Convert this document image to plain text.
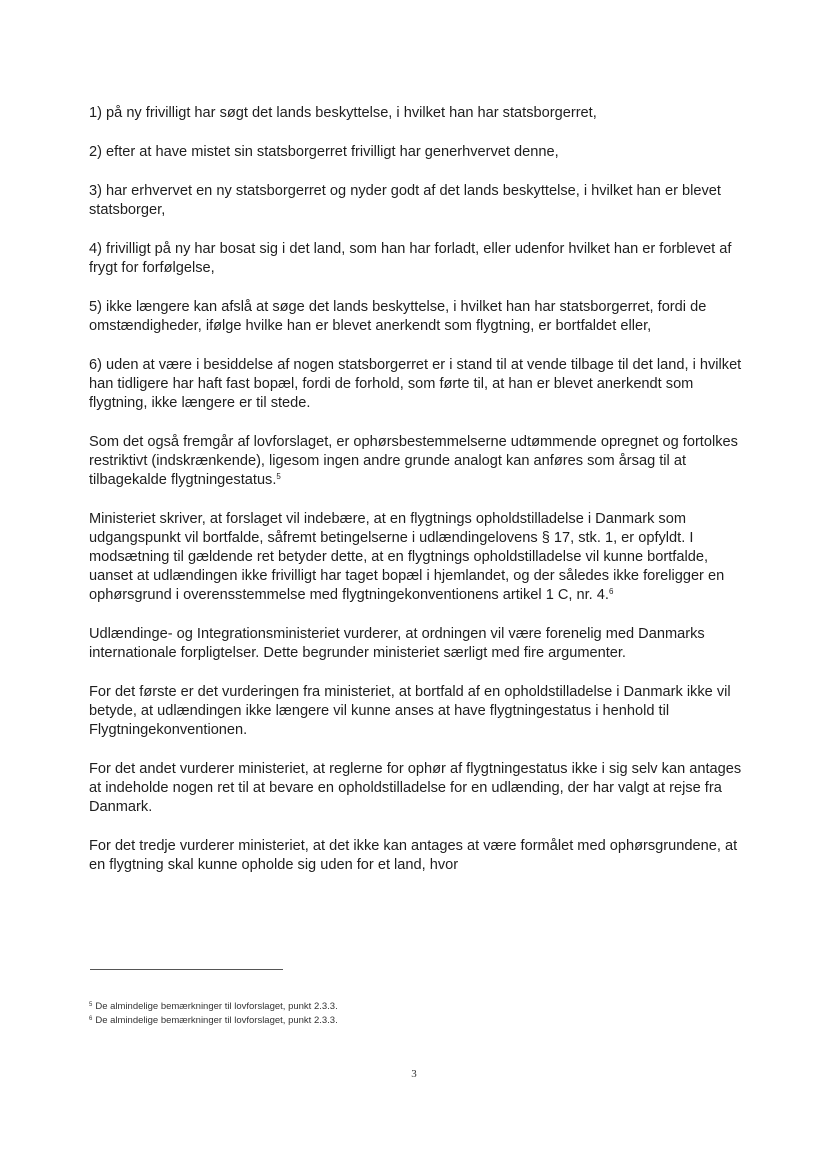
1) på ny frivilligt har søgt det lands beskyttelse, i hvilket han har statsborgerret,

2) efter at have mistet sin statsborgerret frivilligt har generhvervet denne,

3) har erhvervet en ny statsborgerret og nyder godt af det lands beskyttelse, i hvilket han er blevet statsborger,

4) frivilligt på ny har bosat sig i det land, som han har forladt, eller udenfor hvilket han er forblevet af frygt for forfølgelse,

5) ikke længere kan afslå at søge det lands beskyttelse, i hvilket han har statsborgerret, fordi de omstændigheder, ifølge hvilke han er blevet anerkendt som flygtning, er bortfaldet eller,

6) uden at være i besiddelse af nogen statsborgerret er i stand til at vende tilbage til det land, i hvilket han tidligere har haft fast bopæl, fordi de forhold, som førte til, at han er blevet anerkendt som flygtning, ikke længere er til stede.

Som det også fremgår af lovforslaget, er ophørsbestemmelserne udtømmende opregnet og fortolkes restriktivt (indskrænkende), ligesom ingen andre grunde analogt kan anføres som årsag til at tilbagekalde flygtningestatus.$^5$

Ministeriet skriver, at forslaget vil indebære, at en flygtnings opholdstilladelse i Danmark som udgangspunkt vil bortfalde, såfremt betingelserne i udlændingelovens § 17, stk. 1, er opfyldt. I modsætning til gældende ret betyder dette, at en flygtnings opholdstilladelse vil kunne bortfalde, uanset at udlændingen ikke frivilligt har taget bopæl i hjemlandet, og der således ikke foreligger en ophørsgrund i overensstemmelse med flygtningekonventionens artikel 1 C, nr. 4.$^6$

Udlændinge- og Integrationsministeriet vurderer, at ordningen vil være forenelig med Danmarks internationale forpligtelser. Dette begrunder ministeriet særligt med fire argumenter.

For det første er det vurderingen fra ministeriet, at bortfald af en opholdstilladelse i Danmark ikke vil betyde, at udlændingen ikke længere vil kunne anses at have flygtningestatus i henhold til Flygtningekonventionen.

For det andet vurderer ministeriet, at reglerne for ophør af flygtningestatus ikke i sig selv kan antages at indeholde nogen ret til at bevare en opholdstilladelse for en udlænding, der har valgt at rejse fra Danmark.

For det tredje vurderer ministeriet, at det ikke kan antages at være formålet med ophørsgrundene, at en flygtning skal kunne opholde sig uden for et land, hvor

$^5$ De almindelige bemærkninger til lovforslaget, punkt 2.3.3.
$^6$ De almindelige bemærkninger til lovforslaget, punkt 2.3.3.
3
